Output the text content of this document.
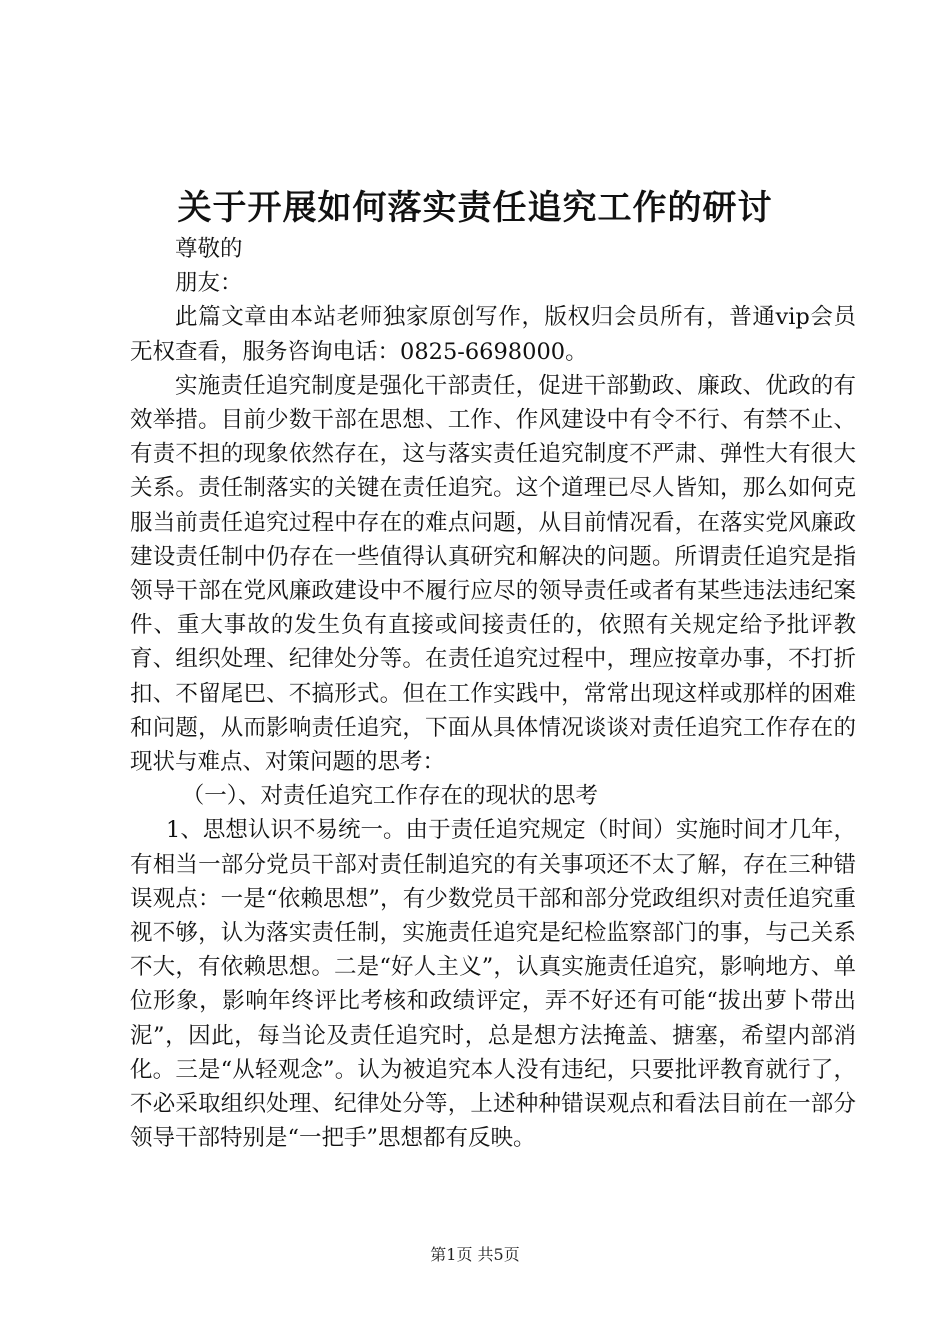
关于开展如何落实责任追究工作的研讨

尊敬的

朋友：

此篇文章由本站老师独家原创写作，版权归会员所有，普通vip会员无权查看，服务咨询电话：0825-6698000。

实施责任追究制度是强化干部责任，促进干部勤政、廉政、优政的有效举措。目前少数干部在思想、工作、作风建设中有令不行、有禁不止、有责不担的现象依然存在，这与落实责任追究制度不严肃、弹性大有很大关系。责任制落实的关键在责任追究。这个道理已尽人皆知，那么如何克服当前责任追究过程中存在的难点问题，从目前情况看，在落实党风廉政建设责任制中仍存在一些值得认真研究和解决的问题。所谓责任追究是指领导干部在党风廉政建设中不履行应尽的领导责任或者有某些违法违纪案件、重大事故的发生负有直接或间接责任的，依照有关规定给予批评教育、组织处理、纪律处分等。在责任追究过程中，理应按章办事，不打折扣、不留尾巴、不搞形式。但在工作实践中，常常出现这样或那样的困难和问题，从而影响责任追究，下面从具体情况谈谈对责任追究工作存在的现状与难点、对策问题的思考：

（一）、对责任追究工作存在的现状的思考

1、思想认识不易统一。由于责任追究规定（时间）实施时间才几年，有相当一部分党员干部对责任制追究的有关事项还不太了解，存在三种错误观点：一是“依赖思想”，有少数党员干部和部分党政组织对责任追究重视不够，认为落实责任制，实施责任追究是纪检监察部门的事，与己关系不大，有依赖思想。二是“好人主义”，认真实施责任追究，影响地方、单位形象，影响年终评比考核和政绩评定，弄不好还有可能“拔出萝卜带出泥”，因此，每当论及责任追究时，总是想方法掩盖、搪塞，希望内部消化。三是“从轻观念”。认为被追究本人没有违纪，只要批评教育就行了，不必采取组织处理、纪律处分等，上述种种错误观点和看法目前在一部分领导干部特别是“一把手”思想都有反映。

第1页 共5页
